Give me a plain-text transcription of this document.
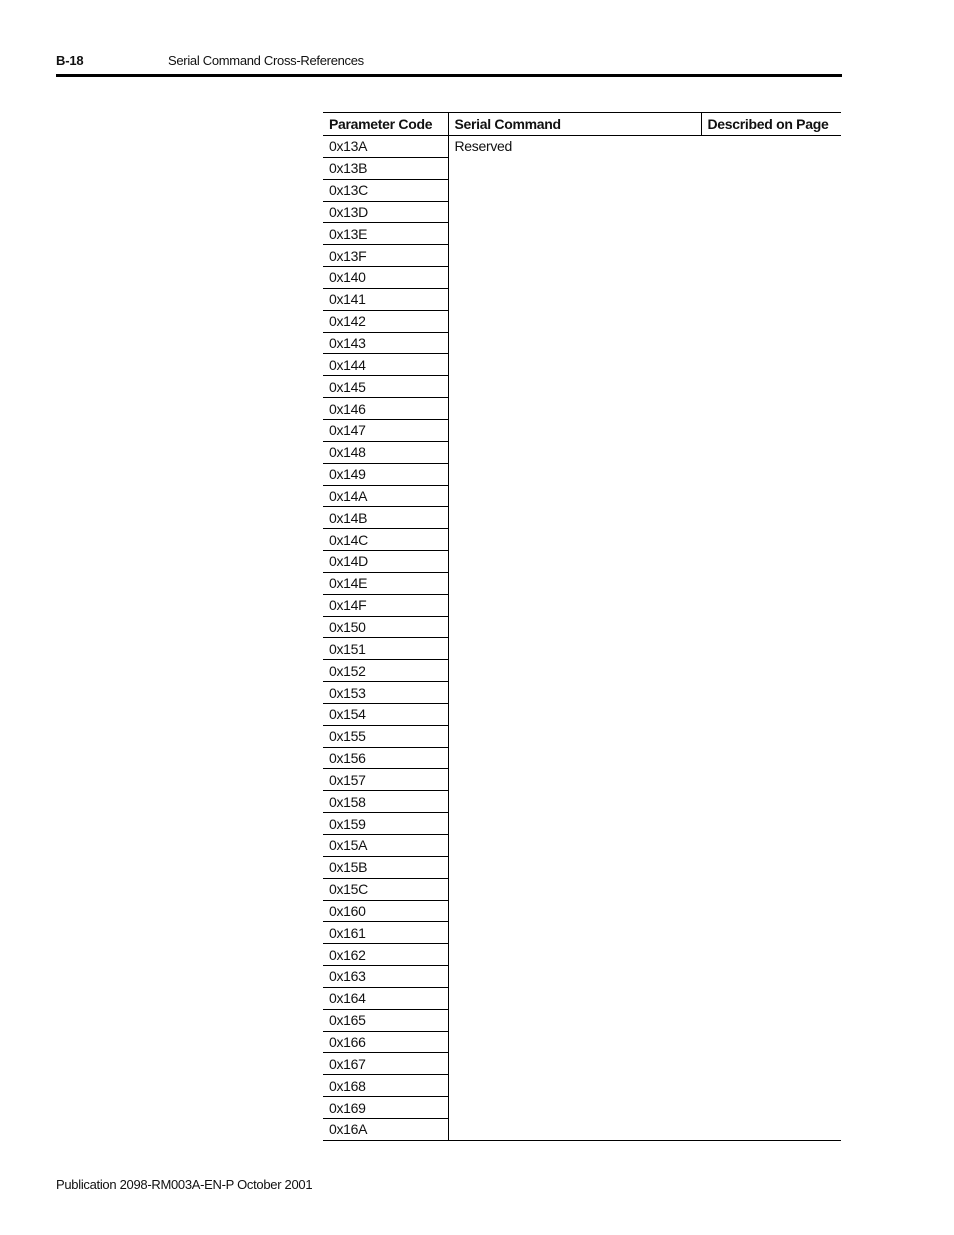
B-18	Serial Command Cross-References
Parameter Code	Serial Command	Described on Page
0x13A	Reserved	
0x13B		
0x13C		
0x13D		
0x13E		
0x13F		
0x140		
0x141		
0x142		
0x143		
0x144		
0x145		
0x146		
0x147		
0x148		
0x149		
0x14A		
0x14B		
0x14C		
0x14D		
0x14E		
0x14F		
0x150		
0x151		
0x152		
0x153		
0x154		
0x155		
0x156		
0x157		
0x158		
0x159		
0x15A		
0x15B		
0x15C		
0x160		
0x161		
0x162		
0x163		
0x164		
0x165		
0x166		
0x167		
0x168		
0x169		
0x16A		
Publication 2098-RM003A-EN-P October 2001
